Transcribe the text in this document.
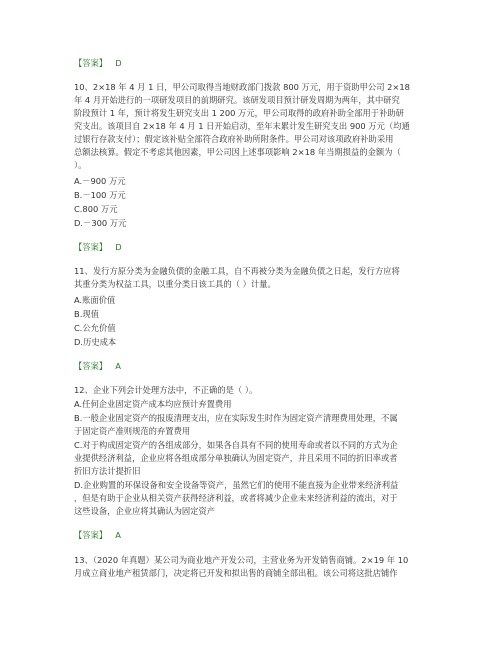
【答案】 D

10、2×18 年 4 月 1 日，甲公司取得当地财政部门拨款 800 万元，用于资助甲公司 2×18

年 4 月开始进行的一项研发项目的前期研究。该研发项目预计研发周期为两年，其中研究

阶段预计 1 年，预计将发生研究支出 1 200 万元，甲公司取得的政府补助全部用于补助研

究支出。该项目自 2×18 年 4 月 1 日开始启动，至年末累计发生研究支出 900 万元（均通

过银行存款支付）；假定该补贴全部符合政府补助所附条件。甲公司对该项政府补助采用

总额法核算。假定不考虑其他因素，甲公司因上述事项影响 2×18 年当期损益的金额为（

）。

A.－900 万元

B.－100 万元

C.800 万元

D.－300 万元

【答案】 D

11、发行方原分类为金融负债的金融工具，自不再被分类为金融负债之日起，发行方应将

其重分类为权益工具，以重分类日该工具的（ ）计量。

A.账面价值

B.现值

C.公允价值

D.历史成本

【答案】 A

12、企业下列会计处理方法中，不正确的是（ ）。

A.任何企业固定资产成本均应预计弃置费用

B.一般企业固定资产的报废清理支出，应在实际发生时作为固定资产清理费用处理，不属

于固定资产准则规范的弃置费用

C.对于构成固定资产的各组成部分，如果各自具有不同的使用寿命或者以不同的方式为企

业提供经济利益，企业应将各组成部分单独确认为固定资产，并且采用不同的折旧率或者

折旧方法计提折旧

D.企业购置的环保设备和安全设备等资产，虽然它们的使用不能直接为企业带来经济利益

，但是有助于企业从相关资产获得经济利益，或者将减少企业未来经济利益的流出，对于

这些设备，企业应将其确认为固定资产

【答案】 A

13、（2020 年真题）某公司为商业地产开发公司，主营业务为开发销售商铺。2×19 年 10

月成立商业地产租赁部门，决定将已开发和拟出售的商铺全部出租。该公司将这批店铺作
